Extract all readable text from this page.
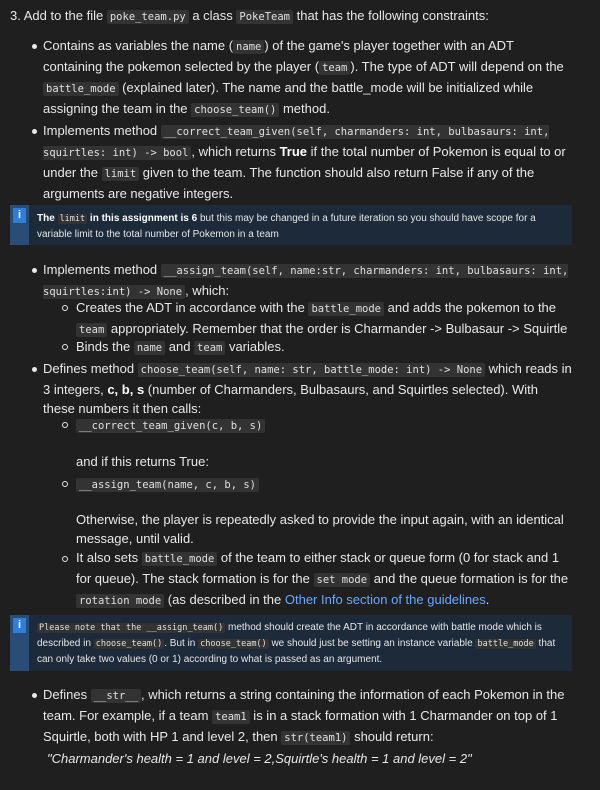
3. Add to the file poke_team.py a class PokeTeam that has the following constraints:
Contains as variables the name ( name ) of the game's player together with an ADT containing the pokemon selected by the player ( team ). The type of ADT will depend on the battle_mode (explained later). The name and the battle_mode will be initialized while assigning the team in the choose_team() method.
Implements method __correct_team_given(self, charmanders: int, bulbasaurs: int, squirtles: int) -> bool , which returns True if the total number of Pokemon is equal to or under the limit given to the team. The function should also return False if any of the arguments are negative integers.
i	The limit in this assignment is 6 but this may be changed in a future iteration so you should have scope for a variable limit to the total number of Pokemon in a team
Implements method __assign_team(self, name:str, charmanders: int, bulbasaurs: int, squirtles:int) -> None , which:
Creates the ADT in accordance with the battle_mode and adds the pokemon to the team appropriately. Remember that the order is Charmander -> Bulbasaur -> Squirtle
Binds the name and team variables.
Defines method choose_team(self, name: str, battle_mode: int) -> None which reads in 3 integers, c, b, s (number of Charmanders, Bulbasaurs, and Squirtles selected). With these numbers it then calls:
__correct_team_given(c, b, s)
and if this returns True:
__assign_team(name, c, b, s)
Otherwise, the player is repeatedly asked to provide the input again, with an identical message, until valid.
It also sets battle_mode of the team to either stack or queue form (0 for stack and 1 for queue). The stack formation is for the set mode and the queue formation is for the rotation mode (as described in the Other Info section of the guidelines.
i	Please note that the __assign_team() method should create the ADT in accordance with battle mode which is described in choose_team() . But in choose_team() we should just be setting an instance variable battle_mode that can only take two values (0 or 1) according to what is passed as an argument.
Defines __str__ , which returns a string containing the information of each Pokemon in the team. For example, if a team team1 is in a stack formation with 1 Charmander on top of 1 Squirtle, both with HP 1 and level 2, then str(team1) should return:
"Charmander's health = 1 and level = 2,Squirtle's health = 1 and level = 2"
